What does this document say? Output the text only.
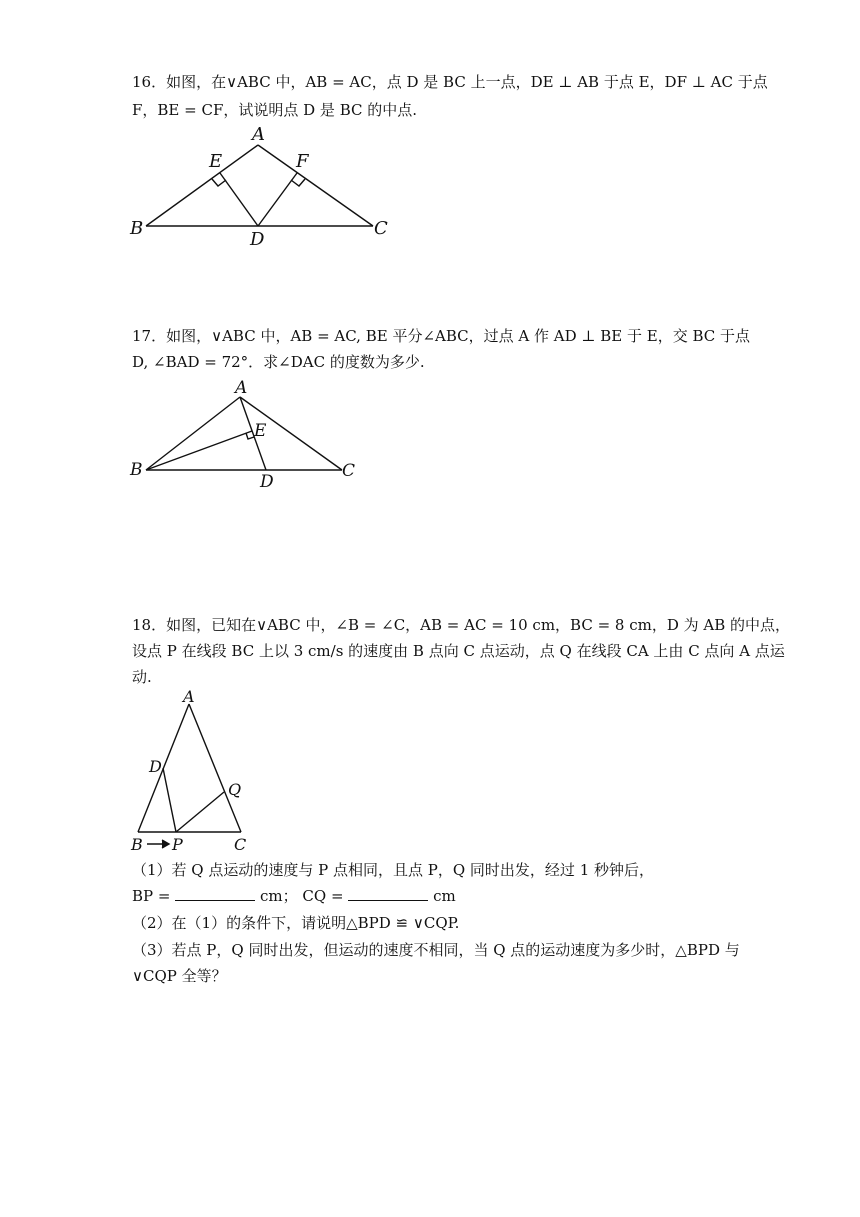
16．如图，在∨ABC 中，AB = AC，点 D 是 BC 上一点，DE ⊥ AB 于点 E，DF ⊥ AC 于点
F，BE = CF，试说明点 D 是 BC 的中点.
A
E	F
B
D
C
17．如图，∨ABC 中，AB = AC, BE 平分∠ABC，过点 A 作 AD ⊥ BE 于 E，交 BC 于点
D, ∠BAD = 72°．求∠DAC 的度数为多少.
A
E
B
D
C
18．如图，已知在∨ABC 中，∠B = ∠C，AB = AC = 10 cm，BC = 8 cm，D 为 AB 的中点，
设点 P 在线段 BC 上以 3 cm/s 的速度由 B 点向 C 点运动，点 Q 在线段 CA 上由 C 点向 A 点运
动.
A
D
Q
B P	C
（1）若 Q 点运动的速度与 P 点相同，且点 P，Q 同时出发，经过 1 秒钟后，
BP =	cm； CQ =	cm
（2）在（1）的条件下，请说明△BPD ≌ ∨CQP.
（3）若点 P，Q 同时出发，但运动的速度不相同，当 Q 点的运动速度为多少时，△BPD 与
∨CQP 全等？
